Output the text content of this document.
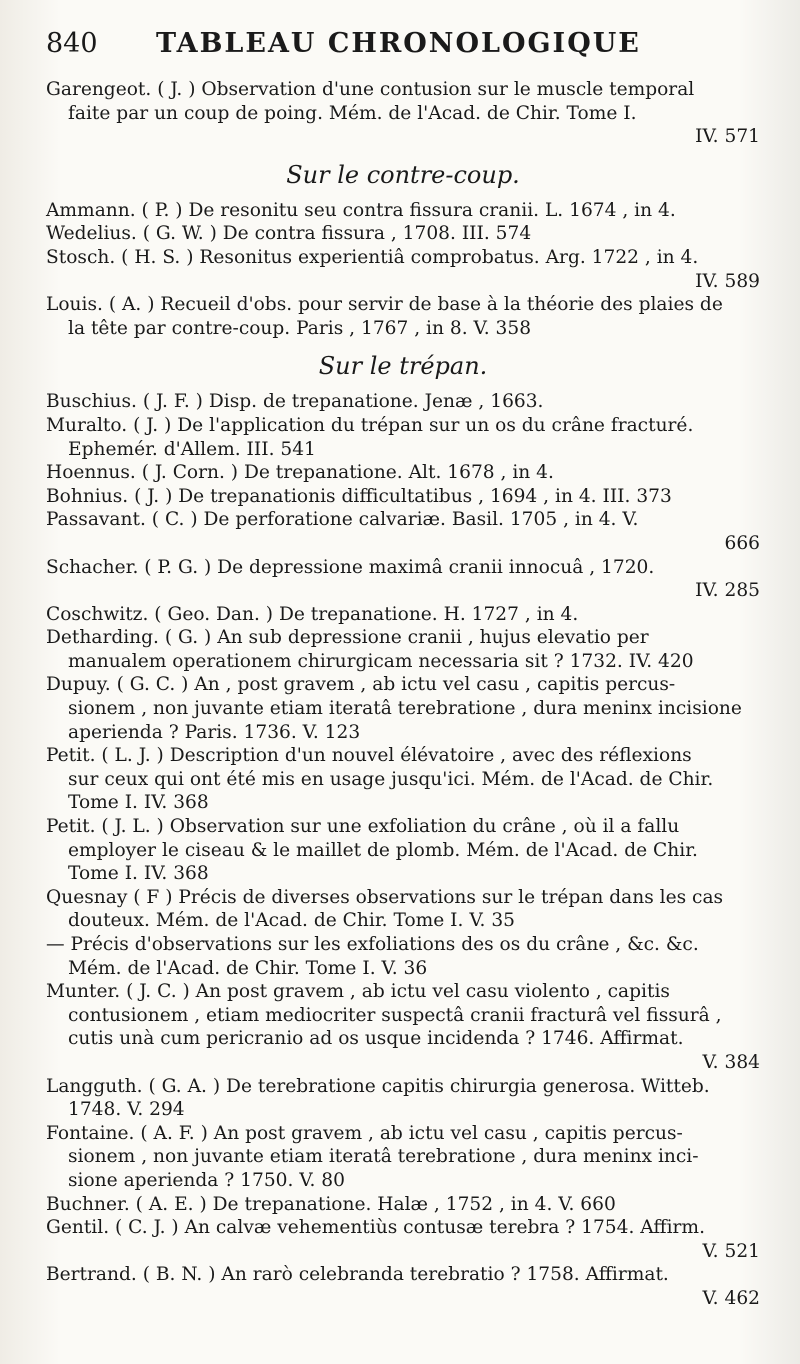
840	TABLEAU CHRONOLOGIQUE
Garengeot. ( J. ) Observation d'une contusion sur le muscle temporal
faite par un coup de poing. Mém. de l'Acad. de Chir. Tome I.
IV. 571
Sur le contre-coup.
Ammann. ( P. ) De resonitu seu contra fissura cranii. L. 1674 , in 4.
Wedelius. ( G. W. ) De contra fissura , 1708. III. 574
Stosch. ( H. S. ) Resonitus experientiâ comprobatus. Arg. 1722 , in 4.
IV. 589
Louis. ( A. ) Recueil d'obs. pour servir de base à la théorie des plaies de
la tête par contre-coup. Paris , 1767 , in 8. V. 358
Sur le trépan.
Buschius. ( J. F. ) Disp. de trepanatione. Jenæ , 1663.
Muralto. ( J. ) De l'application du trépan sur un os du crâne fracturé.
Ephemér. d'Allem. III. 541
Hoennus. ( J. Corn. ) De trepanatione. Alt. 1678 , in 4.
Bohnius. ( J. ) De trepanationis difficultatibus , 1694 , in 4. III. 373
Passavant. ( C. ) De perforatione calvariæ. Basil. 1705 , in 4. V.
666
Schacher. ( P. G. ) De depressione maximâ cranii innocuâ , 1720.
IV. 285
Coschwitz. ( Geo. Dan. ) De trepanatione. H. 1727 , in 4.
Detharding. ( G. ) An sub depressione cranii , hujus elevatio per
manualem operationem chirurgicam necessaria sit ? 1732. IV. 420
Dupuy. ( G. C. ) An , post gravem , ab ictu vel casu , capitis percus-
sionem , non juvante etiam iteratâ terebratione , dura meninx incisione
aperienda ? Paris. 1736. V. 123
Petit. ( L. J. ) Description d'un nouvel élévatoire , avec des réflexions
sur ceux qui ont été mis en usage jusqu'ici. Mém. de l'Acad. de Chir.
Tome I. IV. 368
Petit. ( J. L. ) Observation sur une exfoliation du crâne , où il a fallu
employer le ciseau & le maillet de plomb. Mém. de l'Acad. de Chir.
Tome I. IV. 368
Quesnay ( F ) Précis de diverses observations sur le trépan dans les cas
douteux. Mém. de l'Acad. de Chir. Tome I. V. 35
— Précis d'observations sur les exfoliations des os du crâne , &c. &c.
Mém. de l'Acad. de Chir. Tome I. V. 36
Munter. ( J. C. ) An post gravem , ab ictu vel casu violento , capitis
contusionem , etiam mediocriter suspectâ cranii fracturâ vel fissurâ ,
cutis unà cum pericranio ad os usque incidenda ? 1746. Affirmat.
V. 384
Langguth. ( G. A. ) De terebratione capitis chirurgia generosa. Witteb.
1748. V. 294
Fontaine. ( A. F. ) An post gravem , ab ictu vel casu , capitis percus-
sionem , non juvante etiam iteratâ terebratione , dura meninx inci-
sione aperienda ? 1750. V. 80
Buchner. ( A. E. ) De trepanatione. Halæ , 1752 , in 4. V. 660
Gentil. ( C. J. ) An calvæ vehementiùs contusæ terebra ? 1754. Affirm.
V. 521
Bertrand. ( B. N. ) An rarò celebranda terebratio ? 1758. Affirmat.
V. 462
